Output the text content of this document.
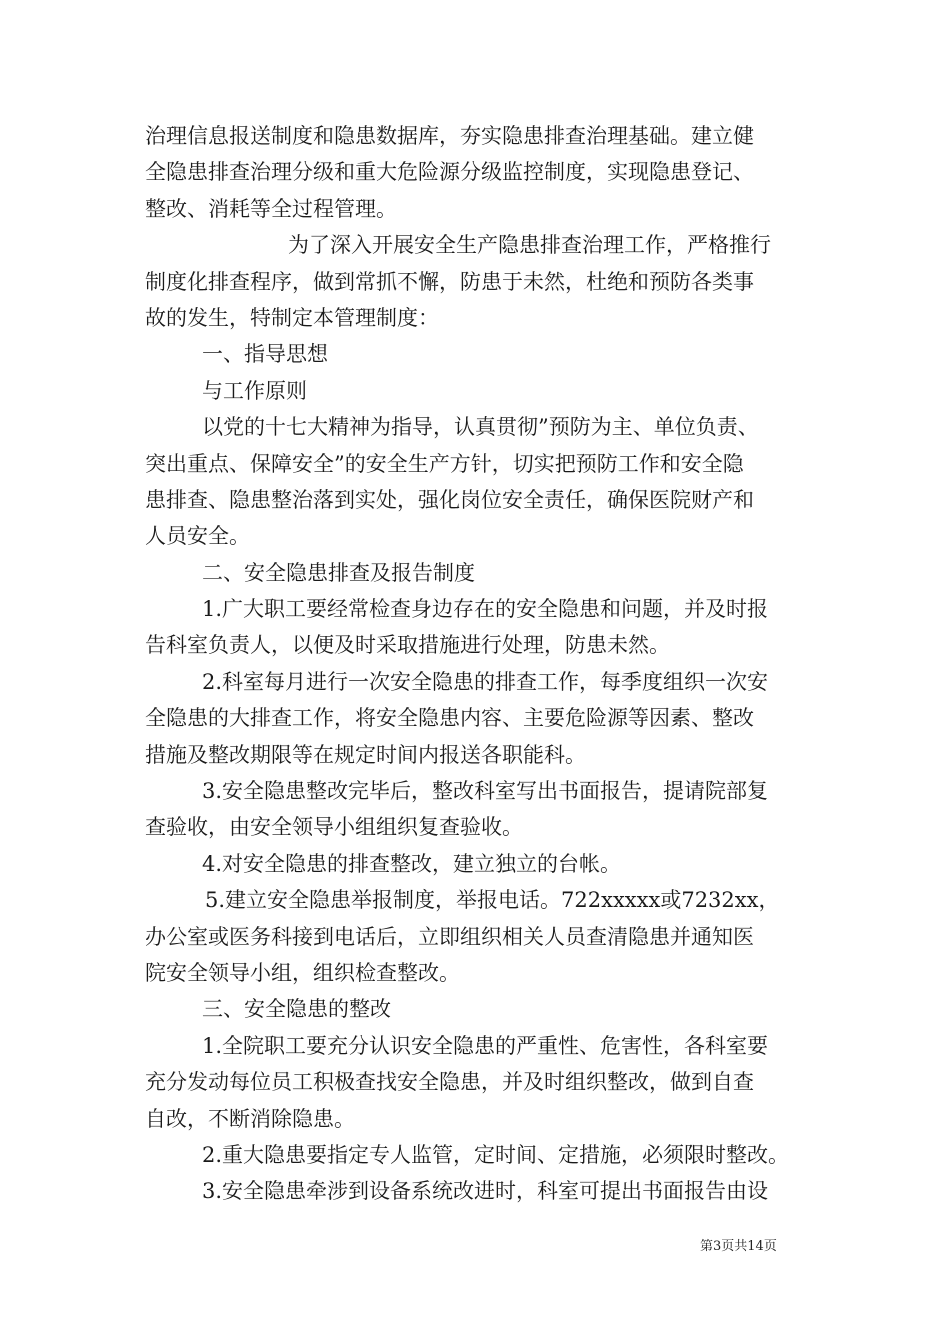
治理信息报送制度和隐患数据库，夯实隐患排查治理基础。建立健
全隐患排查治理分级和重大危险源分级监控制度，实现隐患登记、
整改、消耗等全过程管理。
为了深入开展安全生产隐患排查治理工作，严格推行
制度化排查程序，做到常抓不懈，防患于未然，杜绝和预防各类事
故的发生，特制定本管理制度：
一、指导思想
与工作原则
以党的十七大精神为指导，认真贯彻”预防为主、单位负责、
突出重点、保障安全”的安全生产方针，切实把预防工作和安全隐
患排查、隐患整治落到实处，强化岗位安全责任，确保医院财产和
人员安全。
二、安全隐患排查及报告制度
1.广大职工要经常检查身边存在的安全隐患和问题，并及时报
告科室负责人，以便及时采取措施进行处理，防患未然。
2.科室每月进行一次安全隐患的排查工作，每季度组织一次安
全隐患的大排查工作，将安全隐患内容、主要危险源等因素、整改
措施及整改期限等在规定时间内报送各职能科。
3.安全隐患整改完毕后，整改科室写出书面报告，提请院部复
查验收，由安全领导小组组织复查验收。
4.对安全隐患的排查整改，建立独立的台帐。
5.建立安全隐患举报制度，举报电话。722xxxxx或7232xx，
办公室或医务科接到电话后，立即组织相关人员查清隐患并通知医
院安全领导小组，组织检查整改。
三、安全隐患的整改
1.全院职工要充分认识安全隐患的严重性、危害性，各科室要
充分发动每位员工积极查找安全隐患，并及时组织整改，做到自查
自改，不断消除隐患。
2.重大隐患要指定专人监管，定时间、定措施，必须限时整改。
3.安全隐患牵涉到设备系统改进时，科室可提出书面报告由设
第3页共14页
